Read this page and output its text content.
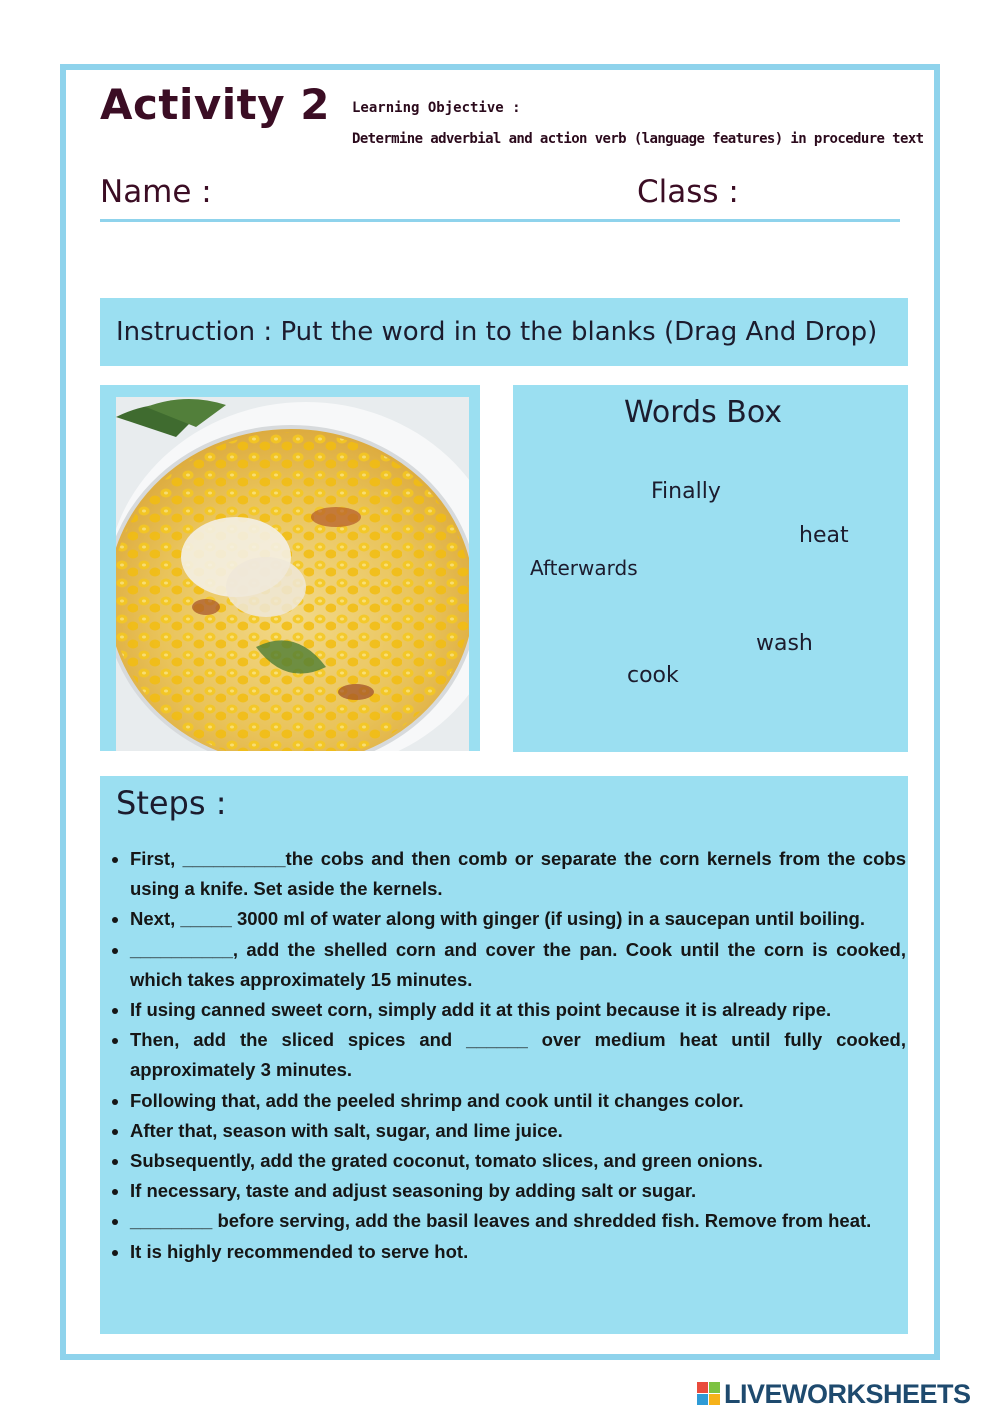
Activity 2 Learning Objective :
Determine adverbial and action verb (language features) in procedure text
Name :	Class :
Instruction : Put the word in to the blanks (Drag And Drop)
Words Box
Finally
heat
Afterwards
wash
cook
Steps :
• First, __________the cobs and then comb or separate the corn kernels from the cobs using a knife. Set aside the kernels.
• Next, _____ 3000 ml of water along with ginger (if using) in a saucepan until boiling.
• __________, add the shelled corn and cover the pan. Cook until the corn is cooked, which takes approximately 15 minutes.
• If using canned sweet corn, simply add it at this point because it is already ripe.
• Then, add the sliced spices and ______ over medium heat until fully cooked, approximately 3 minutes.
• Following that, add the peeled shrimp and cook until it changes color.
• After that, season with salt, sugar, and lime juice.
• Subsequently, add the grated coconut, tomato slices, and green onions.
• If necessary, taste and adjust seasoning by adding salt or sugar.
• ________ before serving, add the basil leaves and shredded fish. Remove from heat.
• It is highly recommended to serve hot.
LIVEWORKSHEETS
